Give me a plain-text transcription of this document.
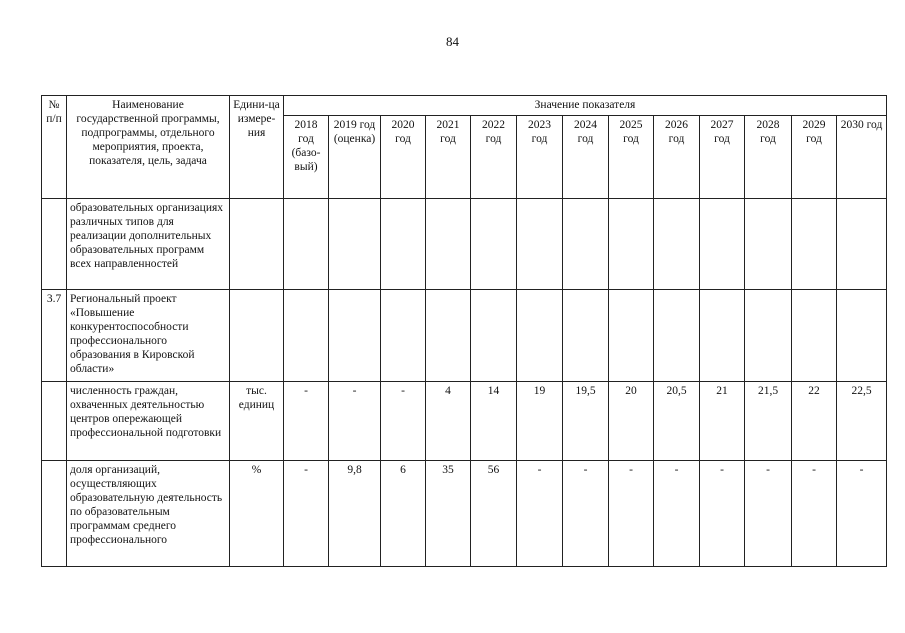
84
№ п/п	Наименование государственной программы, подпрограммы, отдельного мероприятия, проекта, показателя, цель, задача	Едини-ца измере-ния	Значение показателя												
			2018 год (базо-вый)	2019 год (оценка)	2020 год	2021 год	2022 год	2023 год	2024 год	2025 год	2026 год	2027 год	2028 год	2029 год	2030 год
	образовательных организациях различных типов для реализации дополнительных образовательных программ всех направленностей														
3.7	Региональный проект «Повышение конкурентоспособности профессионального образования в Кировской области»														
	численность граждан, охваченных деятельностью центров опережающей профессиональной подготовки	тыс. единиц	-	-	-	4	14	19	19,5	20	20,5	21	21,5	22	22,5
	доля организаций, осуществляющих образовательную деятельность по образовательным программам среднего профессионального	%	-	9,8	6	35	56	-	-	-	-	-	-	-	-
